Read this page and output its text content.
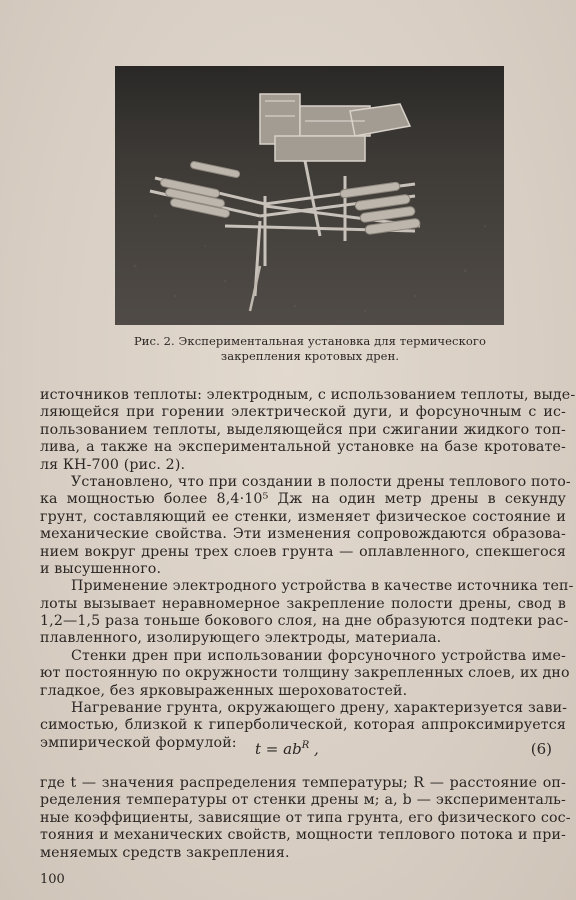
Рис. 2. Экспериментальная установка для термического
закрепления кротовых дрен.
источников теплоты: электродным, с использованием теплоты, выде-
ляющейся при горении электрической дуги, и форсуночным с ис-
пользованием теплоты, выделяющейся при сжигании жидкого топ-
лива, а также на экспериментальной установке на базе кротовате-
ля КН-700 (рис. 2).
Установлено, что при создании в полости дрены теплового пото-
ка мощностью более 8,4·10⁵ Дж на один метр дрены в секунду
грунт, составляющий ее стенки, изменяет физическое состояние и
механические свойства. Эти изменения сопровождаются образова-
нием вокруг дрены трех слоев грунта — оплавленного, спекшегося
и высушенного.
Применение электродного устройства в качестве источника теп-
лоты вызывает неравномерное закрепление полости дрены, свод в
1,2—1,5 раза тоньше бокового слоя, на дне образуются подтеки рас-
плавленного, изолирующего электроды, материала.
Стенки дрен при использовании форсуночного устройства име-
ют постоянную по окружности толщину закрепленных слоев, их дно
гладкое, без ярковыраженных шероховатостей.
Нагревание грунта, окружающего дрену, характеризуется зави-
симостью, близкой к гиперболической, которая аппроксимируется
эмпирической формулой:	$t = ab^R$ ,	(6)
где t — значения распределения температуры; R — расстояние оп-
ределения температуры от стенки дрены м; a, b — эксперименталь-
ные коэффициенты, зависящие от типа грунта, его физического сос-
тояния и механических свойств, мощности теплового потока и при-
меняемых средств закрепления.
100
